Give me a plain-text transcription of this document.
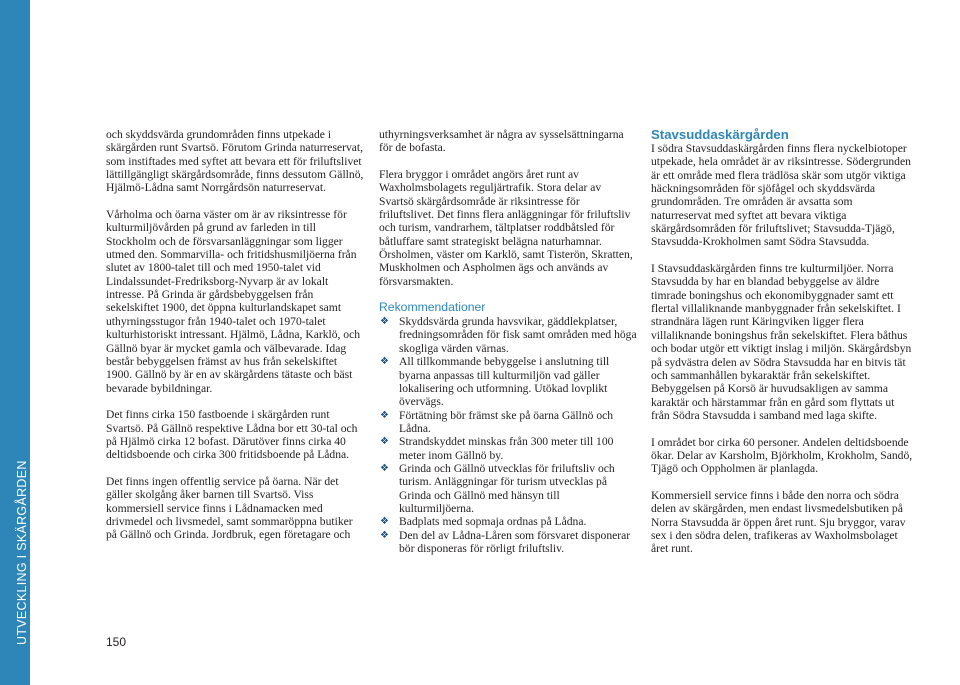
UTVECKLING I SKÄRGÅRDEN

och skyddsvärda grundområden finns utpekade i skärgården runt Svartsö. Förutom Grinda naturreservat, som instiftades med syftet att bevara ett för friluftslivet lättillgängligt skärgårdsområde, finns dessutom Gällnö, Hjälmö-Lådna samt Norrgårdsön naturreservat.

Vårholma och öarna väster om är av riksintresse för kulturmiljövården på grund av farleden in till Stockholm och de försvarsanläggningar som ligger utmed den. Sommarvilla- och fritidshusmiljöerna från slutet av 1800-talet till och med 1950-talet vid Lindalssundet-Fredriksborg-Nyvarp är av lokalt intresse. På Grinda är gårdsbebyggelsen från sekelskiftet 1900, det öppna kulturlandskapet samt uthyrningsstugor från 1940-talet och 1970-talet kulturhistoriskt intressant. Hjälmö, Lådna, Karklö, och Gällnö byar är mycket gamla och välbevarade. Idag består bebyggelsen främst av hus från sekelskiftet 1900. Gällnö by är en av skärgårdens tätaste och bäst bevarade bybildningar.

Det finns cirka 150 fastboende i skärgården runt Svartsö. På Gällnö respektive Lådna bor ett 30-tal och på Hjälmö cirka 12 bofast. Därutöver finns cirka 40 deltidsboende och cirka 300 fritidsboende på Lådna.

Det finns ingen offentlig service på öarna. När det gäller skolgång åker barnen till Svartsö. Viss kommersiell service finns i Lådnamacken med drivmedel och livsmedel, samt sommaröppna butiker på Gällnö och Grinda. Jordbruk, egen företagare och

uthyrningsverksamhet är några av sysselsättningarna för de bofasta.

Flera bryggor i området angörs året runt av Waxholmsbolagets reguljärtrafik. Stora delar av Svartsö skärgårdsområde är riksintresse för friluftslivet. Det finns flera anläggningar för friluftsliv och turism, vandrarhem, tältplatser roddbåtsled för båtluffare samt strategiskt belägna naturhamnar. Örsholmen, väster om Karklö, samt Tisterön, Skratten, Muskholmen och Aspholmen ägs och används av försvarsmakten.

Rekommendationer
❖ Skyddsvärda grunda havsvikar, gäddlekplatser, fredningsområden för fisk samt områden med höga skogliga värden värnas.
❖ All tillkommande bebyggelse i anslutning till byarna anpassas till kulturmiljön vad gäller lokalisering och utformning. Utökad lovplikt övervägs.
❖ Förtätning bör främst ske på öarna Gällnö och Lådna.
❖ Strandskyddet minskas från 300 meter till 100 meter inom Gällnö by.
❖ Grinda och Gällnö utvecklas för friluftsliv och turism. Anläggningar för turism utvecklas på Grinda och Gällnö med hänsyn till kulturmiljöerna.
❖ Badplats med sopmaja ordnas på Lådna.
❖ Den del av Lådna-Låren som försvaret disponerar bör disponeras för rörligt friluftsliv.
Stavsuddaskärgården

I södra Stavsuddaskärgården finns flera nyckelbiotoper utpekade, hela området är av riksintresse. Södergrunden är ett område med flera trädlösa skär som utgör viktiga häckningsområden för sjöfågel och skyddsvärda grundområden. Tre områden är avsatta som naturreservat med syftet att bevara viktiga skärgårdsområden för friluftslivet; Stavsudda-Tjägö, Stavsudda-Krokholmen samt Södra Stavsudda.

I Stavsuddaskärgården finns tre kulturmiljöer. Norra Stavsudda by har en blandad bebyggelse av äldre timrade boningshus och ekonomibyggnader samt ett flertal villaliknande manbyggnader från sekelskiftet. I strandnära lägen runt Käringviken ligger flera villaliknande boningshus från sekelskiftet. Flera båthus och bodar utgör ett viktigt inslag i miljön. Skärgårdsbyn på sydvästra delen av Södra Stavsudda har en bitvis tät och sammanhållen bykaraktär från sekelskiftet. Bebyggelsen på Korsö är huvudsakligen av samma karaktär och härstammar från en gård som flyttats ut från Södra Stavsudda i samband med laga skifte.

I området bor cirka 60 personer. Andelen deltidsboende ökar. Delar av Karsholm, Björkholm, Krokholm, Sandö, Tjägö och Oppholmen är planlagda.

Kommersiell service finns i både den norra och södra delen av skärgården, men endast livsmedelsbutiken på Norra Stavsudda är öppen året runt. Sju bryggor, varav sex i den södra delen, trafikeras av Waxholmsbolaget året runt.

150
